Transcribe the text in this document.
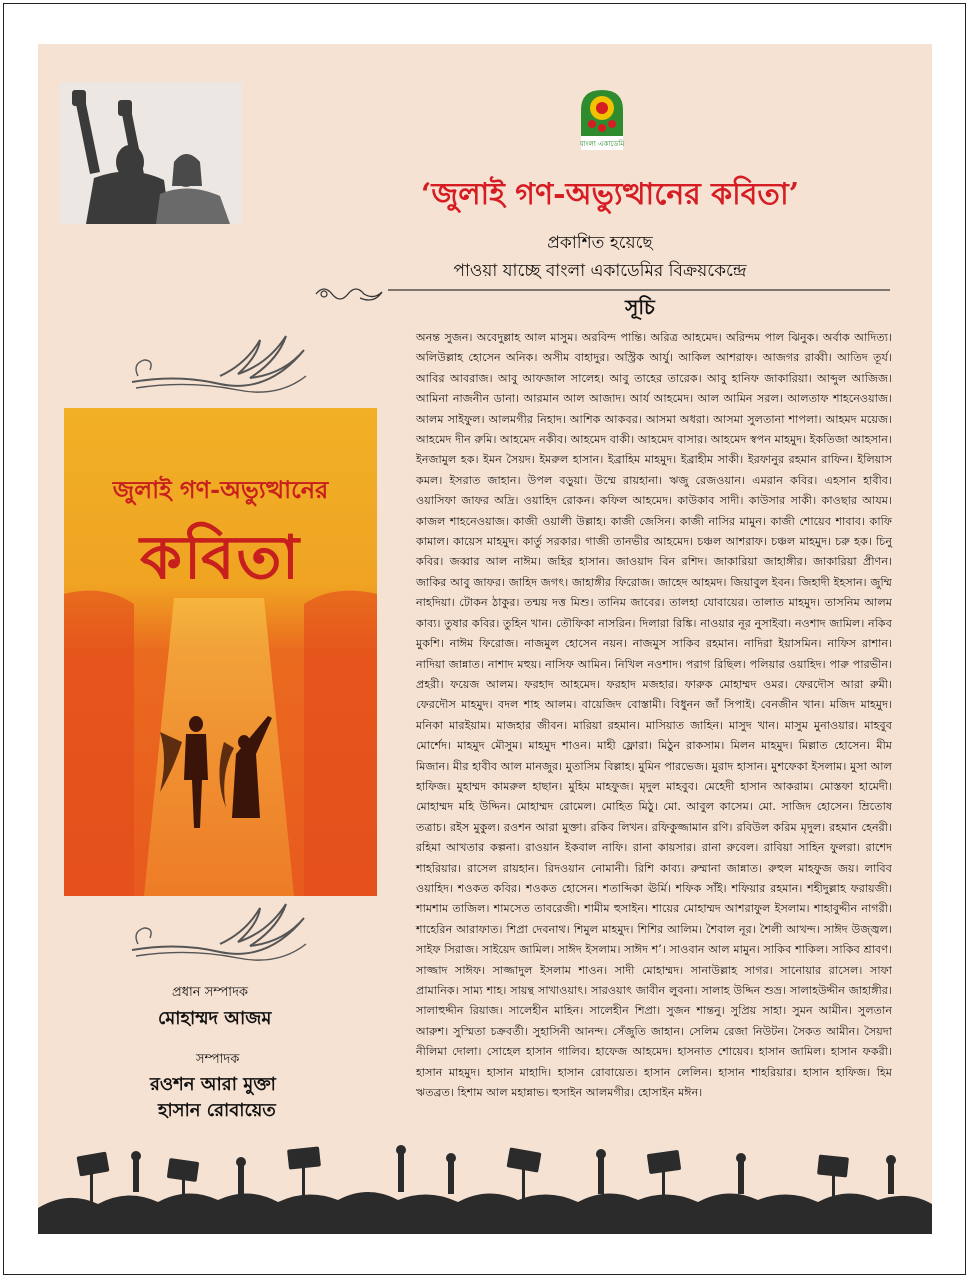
বাংলা একাডেমি
‘জুলাই গণ-অভ্যুত্থানের কবিতা’
প্রকাশিত হয়েছে
পাওয়া যাচ্ছে বাংলা একাডেমির বিক্রয়কেন্দ্রে
সূচি
অনন্ত সুজন। অবেদুল্লাহ আল মাসুম। অরবিন্দ পান্তি। অরিত্র আহমেদ। অরিন্দম পাল ঝিনুক। অর্বাক আদিত্য। অলিউল্লাহ হোসেন অনিক। অসীম বাহাদুর। অস্ট্রিক আর্যু। আকিল আশরাফ। আজগর রাব্বী। আতিদ তূর্য। আবির আবরাজ। আবু আফজাল সালেহ। আবু তাহের তারেক। আবু হানিফ জাকারিয়া। আব্দুল আজিজ। আমিনা নাজনীন ডানা। আরমান আল আজাদ। আর্য আহমেদ। আল আমিন সরল। আলতাফ শাহনেওয়াজ। আলম সাইফুল। আলমগীর নিহাদ। আশিক আকবর। আসমা অধরা। আসমা সুলতানা শাপলা। আহমদ ময়েজ। আহমেদ দীন রুমি। আহমেদ নকীব। আহমেদ বাকী। আহমেদ বাসার। আহমেদ স্বপন মাহমুদ। ইকতিজা আহসান। ইনজামুল হক। ইমন সৈয়দ। ইমরুল হাসান। ইব্রাহিম মাহমুদ। ইব্রাহীম সাকী। ইরফানুর রহমান রাফিন। ইলিয়াস কমল। ইসরাত জাহান। উপল বড়ুয়া। উম্মে রায়হানা। ঋজু রেজওয়ান। এমরান কবির। এহসান হাবীব। ওয়াসিফা জাফর অদ্রি। ওয়াহিদ রোকন। কফিল আহমেদ। কাউকাব সাদী। কাউসার সাকী। কাওছার আযম। কাজল শাহনেওয়াজ। কাজী ওয়ালী উল্লাহ। কাজী জেসিন। কাজী নাসির মামুন। কাজী শোয়েব শাবাব। কাফি কামাল। কায়েস মাহমুদ। কার্তু সরকার। গাজী তানভীর আহমেদ। চঞ্চল আশরাফ। চঞ্চল মাহমুদ। চরু হক। চিনু কবির। জব্বার আল নাঈম। জহির হাসান। জাওয়াদ বিন রশিদ। জাকারিয়া জাহাঙ্গীর। জাকারিয়া প্রীণন। জাকির আবু জাফর। জাহিদ জগৎ। জাহাঙ্গীর ফিরোজ। জাহেদ আহমদ। জিয়াবুল ইবন। জিহাদী ইহসান। জুম্মি নাহদিয়া। টোকন ঠাকুর। তন্ময় দত্ত মিশু। তানিম জাবের। তালহা যোবায়ের। তালাত মাহমুদ। তাসনিম আলম কাব্য। তুষার কবির। তুহিন খান। তৌফিকা নাসরিন। দিলারা রিঙ্কি। নাওয়ার নূর নুসাইবা। নওশাদ জামিল। নকিব মুকশি। নাঈম ফিরোজ। নাজমুল হোসেন নয়ন। নাজমুস সাকিব রহমান। নাদিরা ইয়াসমিন। নাফিস রাশান। নাদিয়া জান্নাত। নাশাদ মহুয়। নাসিফ আমিন। নিখিল নওশাদ। পরাগ রিছিল। পলিয়ার ওয়াহিদ। পারু পারভীন। প্রহরী। ফয়েজ আলম। ফরহাদ আহমেদ। ফরহাদ মজহার। ফারুক মোহাম্মদ ওমর। ফেরদৌস আরা রুমী। ফেরদৌস মাহমুদ। বদল শাহ আলম। বায়েজিদ বোস্তামী। বিধুনন জাঁ সিপাই। বেনজীন খান। মজিদ মাহমুদ। মনিকা মারইয়াম। মাজহার জীবন। মারিয়া রহমান। মাসিয়াত জাহিন। মাসুদ খান। মাসুম মুনাওয়ার। মাহবুব মোর্শেদ। মাহমুদ মৌসুম। মাহমুদ শাওন। মাহী ফ্লোরা। মিঠুন রাকসাম। মিলন মাহমুদ। মিল্লাত হোসেন। মীম মিজান। মীর হাবীব আল মানজুর। মুতাসিম বিল্লাহ। মুমিন পারভেজ। মুরাদ হাসান। মুশফেকা ইসলাম। মুসা আল হাফিজ। মুহাম্মদ কামরুল হাছান। মুহিম মাহফুজ। মৃদুল মাহবুব। মেহেদী হাসান আকরাম। মোস্তফা হামেদী। মোহাম্মদ মহি উদ্দিন। মোহাম্মদ রোমেল। মোহিত মিঠু। মো. আবুল কাসেম। মো. সাজিদ হোসেন। ম্রিতোষ তত্রাচ। রইস মুকুল। রওশন আরা মুক্তা। রকিব লিখন। রফিকুজ্জামান রণি। রবিউল করিম মৃদুল। রহমান হেনরী। রহিমা আখতার কল্পনা। রাওয়ান ইকবাল নাফি। রানা কায়সার। রানা রুবেল। রাবিয়া সাহিন ফুলরা। রাশেদ শাহরিয়ার। রাসেল রায়হান। রিদওয়ান নোমানী। রিশি কাব্য। রুম্মানা জান্নাত। রুহুল মাহফুজ জয়। লাবিব ওয়াহিদ। শওকত কবির। শওকত হোসেন। শতাব্দিকা ঊর্মি। শফিক সাঁই। শফিয়ার রহমান। শহীদুল্লাহ ফরায়জী। শামশাম তাজিল। শামসেত তাবরেজী। শামীম হুসাইন। শায়ের মোহাম্মদ আশরাফুল ইসলাম। শাহাবুদ্দীন নাগরী। শাহেরিন আরাফাত। শিপ্রা দেবনাথ। শিমুল মাহমুদ। শিশির আলিম। শৈবাল নূর। শৈলী আখন্দ। সাঈদ উজ্জ্বল। সাইফ সিরাজ। সাইয়েদ জামিল। সাঈদ ইসলাম। সাঈদ শ’। সাওবান আল মামুন। সাকিব শাকিল। সাকিব শ্রাবণ। সাজ্জাদ সাঈফ। সাজ্জাদুল ইসলাম শাওন। সাদী মোহাম্মদ। সানাউল্লাহ সাগর। সানোয়ার রাসেল। সাফা প্রামানিক। সাম্য শাহ। সায়ন্থ সাখাওয়াৎ। সারওয়াৎ জাবীন লুবনা। সালাহ উদ্দিন শুভ্র। সালাহউদ্দীন জাহাঙ্গীর। সালাহুদ্দীন রিয়াজ। সালেহীন মাহিন। সালেহীন শিপ্রা। সুজন শান্তনু। সুপ্রিয় সাহা। সুমন আমীন। সুলতান আরুশ। সুস্মিতা চক্রবর্তী। সুহাসিনী আনন্দ। সেঁজুতি জাহান। সেলিম রেজা নিউটন। সৈকত আমীন। সৈয়দা নীলিমা দোলা। সোহেল হাসান গালিব। হাফেজ আহমেদ। হাসনাত শোয়েব। হাসান জামিল। হাসান ফকরী। হাসান মাহমুদ। হাসান মাহাদি। হাসান রোবায়েত। হাসান লেলিন। হাসান শাহরিয়ার। হাসান হাফিজ। হিম ঋতব্রত। হিশাম আল মহান্নাভ। হুসাইন আলমগীর। হোসাইন মঈন।
জুলাই গণ-অভ্যুত্থানের
কবিতা
প্রধান সম্পাদক
মোহাম্মদ আজম
সম্পাদক
রওশন আরা মুক্তা
হাসান রোবায়েত
